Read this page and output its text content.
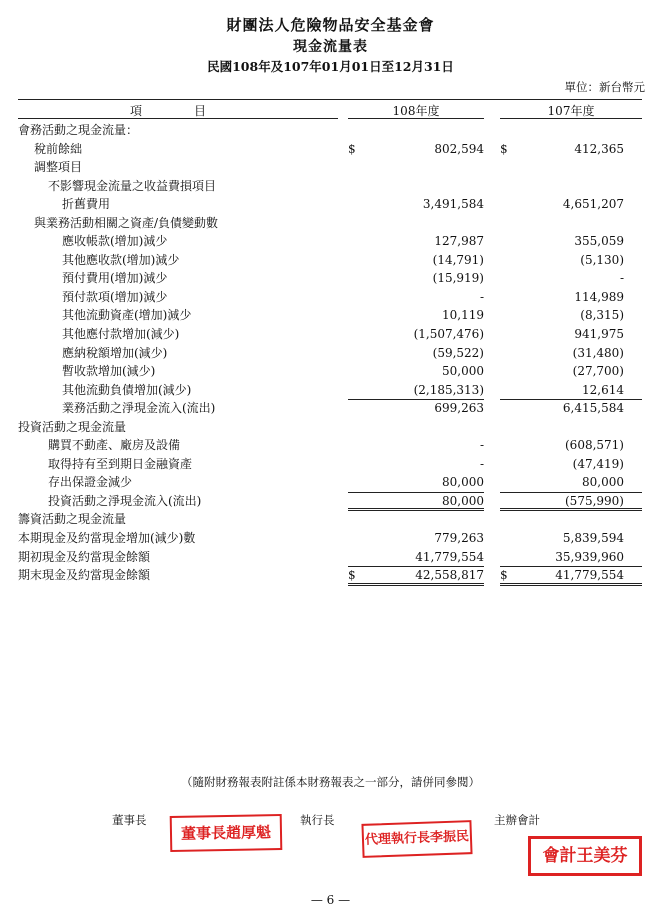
財團法人危險物品安全基金會
現金流量表
民國108年及107年01月01日至12月31日
單位：新台幣元
項　目	108年度	107年度
會務活動之現金流量：
稅前餘絀	$	802,594 $	412,365
調整項目
不影響現金流量之收益費損項目
折舊費用	3,491,584	4,651,207
與業務活動相關之資產/負債變動數
應收帳款(增加)減少	127,987	355,059
其他應收款(增加)減少	(14,791)	(5,130)
預付費用(增加)減少	(15,919)	-
預付款項(增加)減少	-	114,989
其他流動資產(增加)減少	10,119	(8,315)
其他應付款增加(減少)	(1,507,476)	941,975
應納稅額增加(減少)	(59,522)	(31,480)
暫收款增加(減少)	50,000	(27,700)
其他流動負債增加(減少)	(2,185,313)	12,614
業務活動之淨現金流入(流出)	699,263	6,415,584
投資活動之現金流量
購買不動產、廠房及設備	-	(608,571)
取得持有至到期日金融資產	-	(47,419)
存出保證金減少	80,000	80,000
投資活動之淨現金流入(流出)	80,000	(575,990)
籌資活動之現金流量
本期現金及約當現金增加(減少)數	779,263	5,839,594
期初現金及約當現金餘額	41,779,554	35,939,960
期末現金及約當現金餘額	$	42,558,817 $	41,779,554
（隨附財務報表附註係本財務報表之一部分，請併同參閱）
董事長
董事長趙厚魁
執行長
代理執行長李振民
主辦會計
會計王美芬
— 6 —
